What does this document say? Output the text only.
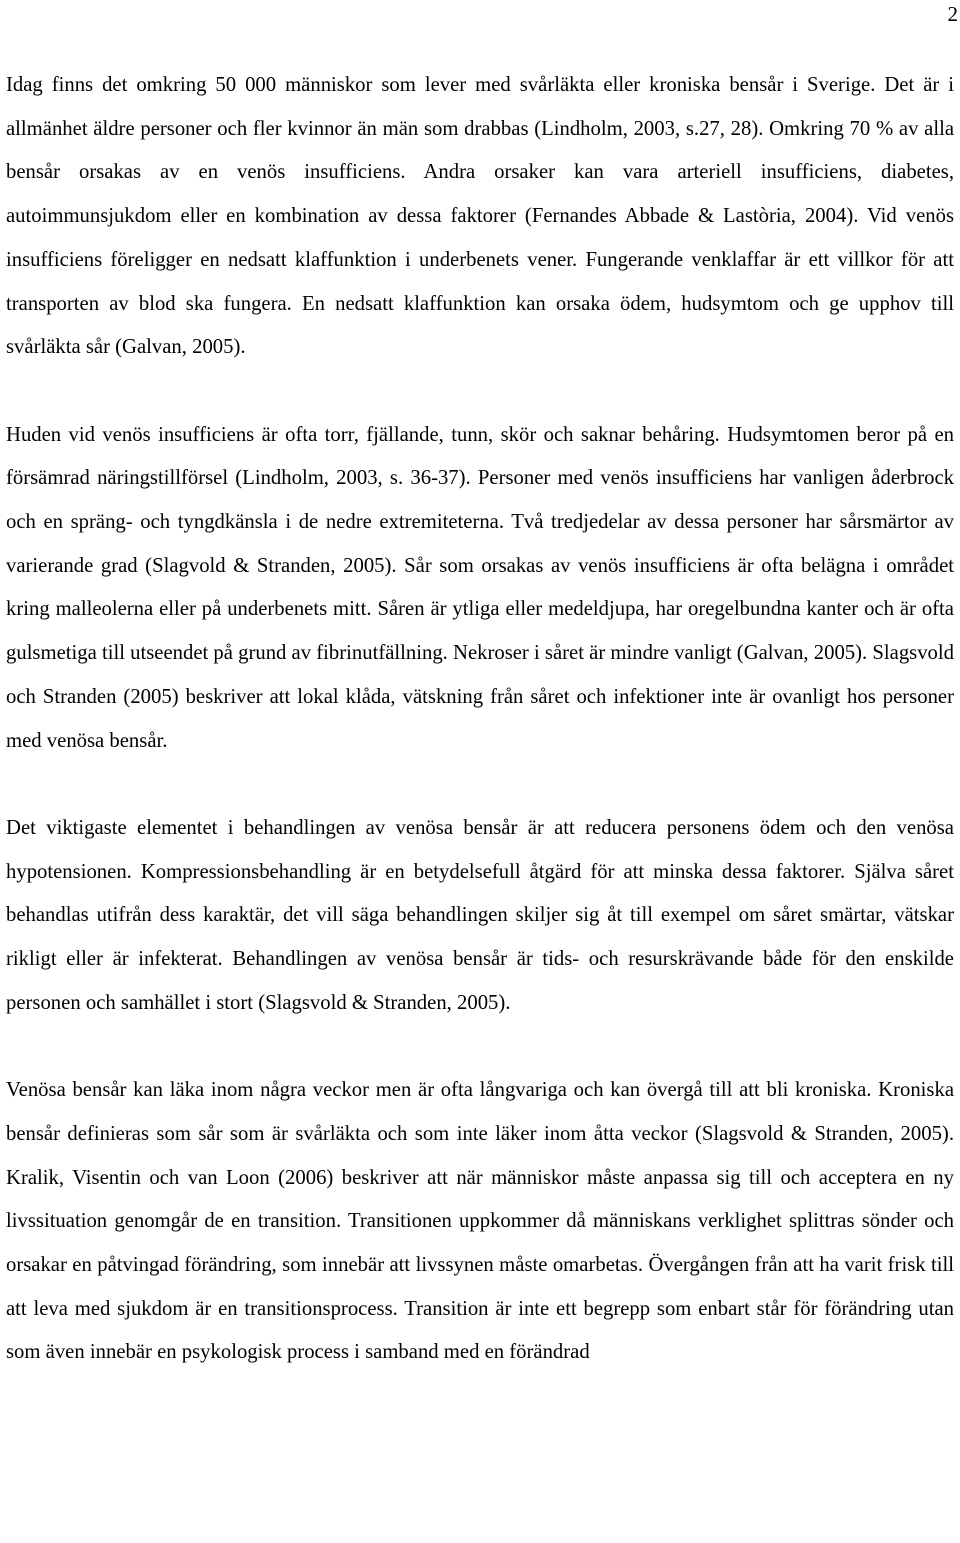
2

Idag finns det omkring 50 000 människor som lever med svårläkta eller kroniska bensår i Sverige. Det är i allmänhet äldre personer och fler kvinnor än män som drabbas (Lindholm, 2003, s.27, 28). Omkring 70 % av alla bensår orsakas av en venös insufficiens. Andra orsaker kan vara arteriell insufficiens, diabetes, autoimmunsjukdom eller en kombination av dessa faktorer (Fernandes Abbade & Lastòria, 2004). Vid venös insufficiens föreligger en nedsatt klaffunktion i underbenets vener. Fungerande venklaffar är ett villkor för att transporten av blod ska fungera. En nedsatt klaffunktion kan orsaka ödem, hudsymtom och ge upphov till svårläkta sår (Galvan, 2005).

Huden vid venös insufficiens är ofta torr, fjällande, tunn, skör och saknar behåring. Hudsymtomen beror på en försämrad näringstillförsel (Lindholm, 2003, s. 36-37). Personer med venös insufficiens har vanligen åderbrock och en spräng- och tyngdkänsla i de nedre extremiteterna. Två tredjedelar av dessa personer har sårsmärtor av varierande grad (Slagvold & Stranden, 2005). Sår som orsakas av venös insufficiens är ofta belägna i området kring malleolerna eller på underbenets mitt. Såren är ytliga eller medeldjupa, har oregelbundna kanter och är ofta gulsmetiga till utseendet på grund av fibrinutfällning. Nekroser i såret är mindre vanligt (Galvan, 2005). Slagsvold och Stranden (2005) beskriver att lokal klåda, vätskning från såret och infektioner inte är ovanligt hos personer med venösa bensår.

Det viktigaste elementet i behandlingen av venösa bensår är att reducera personens ödem och den venösa hypotensionen. Kompressionsbehandling är en betydelsefull åtgärd för att minska dessa faktorer. Själva såret behandlas utifrån dess karaktär, det vill säga behandlingen skiljer sig åt till exempel om såret smärtar, vätskar rikligt eller är infekterat. Behandlingen av venösa bensår är tids- och resurskrävande både för den enskilde personen och samhället i stort (Slagsvold & Stranden, 2005).

Venösa bensår kan läka inom några veckor men är ofta långvariga och kan övergå till att bli kroniska. Kroniska bensår definieras som sår som är svårläkta och som inte läker inom åtta veckor (Slagsvold & Stranden, 2005). Kralik, Visentin och van Loon (2006) beskriver att när människor måste anpassa sig till och acceptera en ny livssituation genomgår de en transition. Transitionen uppkommer då människans verklighet splittras sönder och orsakar en påtvingad förändring, som innebär att livssynen måste omarbetas. Övergången från att ha varit frisk till att leva med sjukdom är en transitionsprocess. Transition är inte ett begrepp som enbart står för förändring utan som även innebär en psykologisk process i samband med en förändrad
